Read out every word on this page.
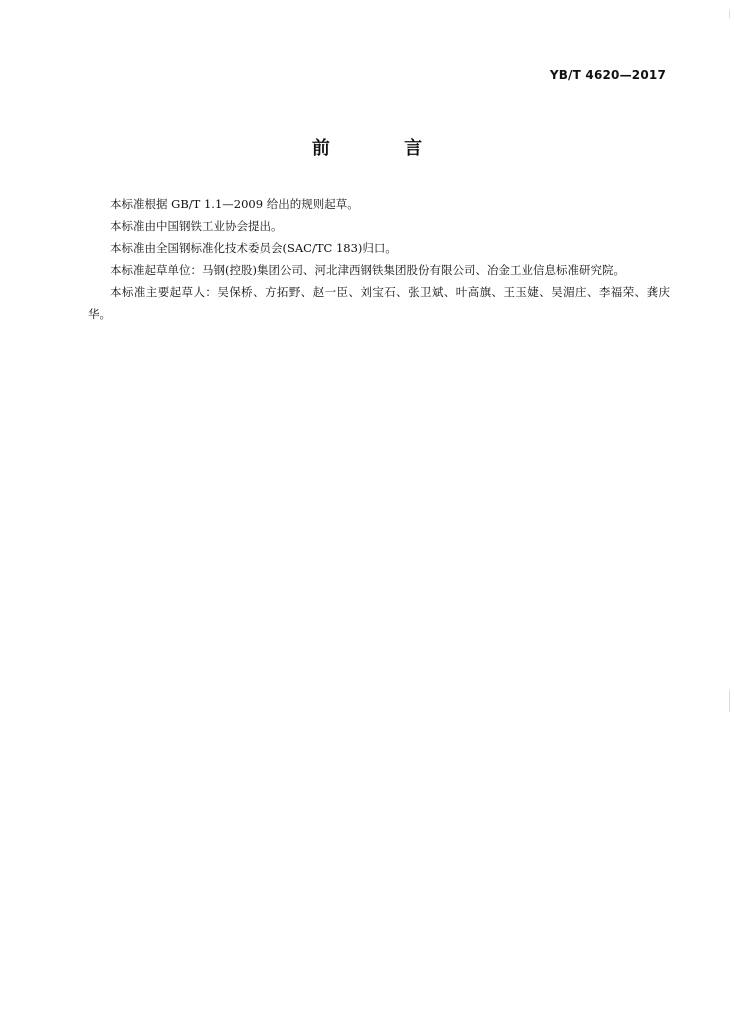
YB/T 4620—2017
前 言

本标准根据 GB/T 1.1—2009 给出的规则起草。

本标准由中国钢铁工业协会提出。

本标准由全国钢标准化技术委员会(SAC/TC 183)归口。

本标准起草单位：马钢(控股)集团公司、河北津西钢铁集团股份有限公司、冶金工业信息标准研究院。

本标准主要起草人：吴保桥、方拓野、赵一臣、刘宝石、张卫斌、叶高旗、王玉婕、吴湄庄、李福荣、龚庆华。
